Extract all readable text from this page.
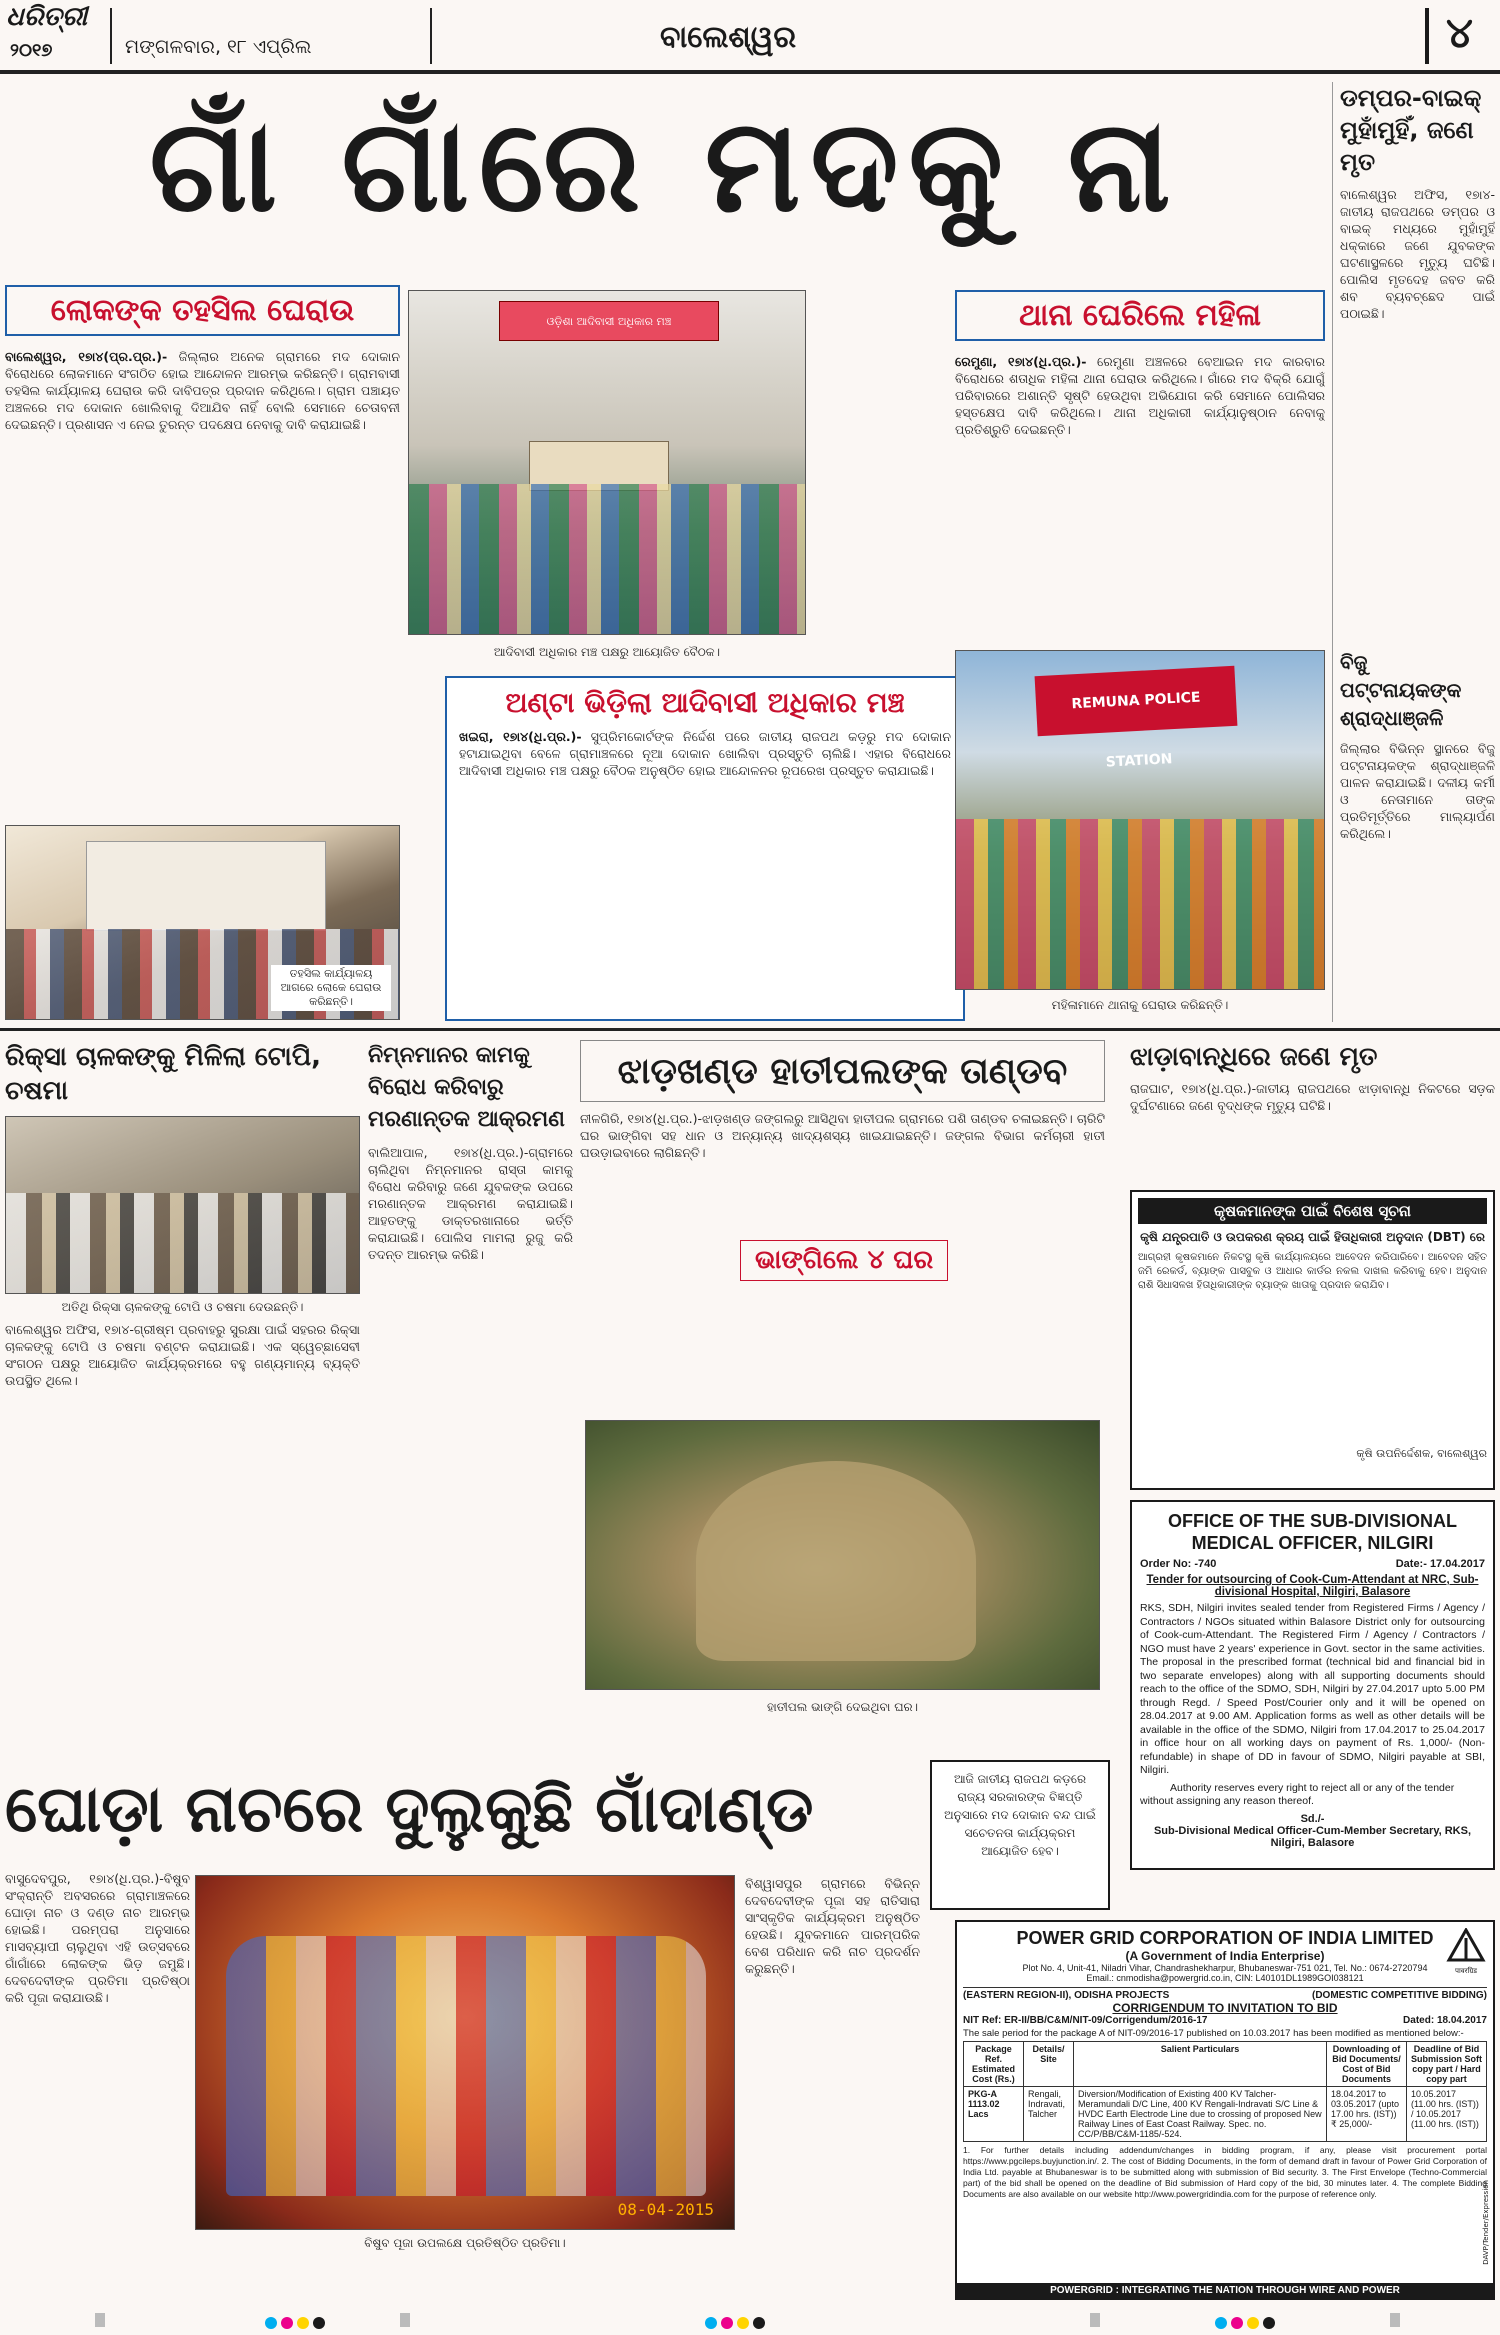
ଧରିତ୍ରୀ
୨୦୧୭	ମଙ୍ଗଳବାର, ୧୮ ଏପ୍ରିଲ	ବାଲେଶ୍ୱର	୪
ଗାଁ ଗାଁରେ ମଦକୁ ନା	ଡମ୍ପର-ବାଇକ୍ ମୁହାଁମୁହିଁ, ଜଣେ ମୃତ
ବାଲେଶ୍ୱର ଅଫିସ, ୧୭ା୪-ଜାତୀୟ ରାଜପଥରେ ଡମ୍ପର ଓ ବାଇକ୍ ମଧ୍ୟରେ ମୁହାଁମୁହିଁ ଧକ୍କାରେ ଜଣେ ଯୁବକଙ୍କ ଘଟଣାସ୍ଥଳରେ ମୃତ୍ୟୁ ଘଟିଛି। ପୋଲିସ ମୃତଦେହ ଜବତ କରି ଶବ ବ୍ୟବଚ୍ଛେଦ ପାଇଁ ପଠାଇଛି।
ବିଜୁ ପଟ୍ଟନାୟକଙ୍କ ଶ୍ରାଦ୍ଧାଞ୍ଜଳି
ଜିଲ୍ଲାର ବିଭିନ୍ନ ସ୍ଥାନରେ ବିଜୁ ପଟ୍ଟନାୟକଙ୍କ ଶ୍ରାଦ୍ଧାଞ୍ଜଳି ପାଳନ କରାଯାଇଛି। ଦଳୀୟ କର୍ମୀ ଓ ନେତାମାନେ ତାଙ୍କ ପ୍ରତିମୂର୍ତ୍ତିରେ ମାଲ୍ୟାର୍ପଣ କରିଥିଲେ।
ଲୋକଙ୍କ ତହସିଲ ଘେରାଉ
ବାଲେଶ୍ୱର, ୧୭ା୪(ପ୍ର.ପ୍ର.)- ଜିଲ୍ଲାର ଅନେକ ଗ୍ରାମରେ ମଦ ଦୋକାନ ବିରୋଧରେ ଲୋକମାନେ ସଂଗଠିତ ହୋଇ ଆନ୍ଦୋଳନ ଆରମ୍ଭ କରିଛନ୍ତି। ଗ୍ରାମବାସୀ ତହସିଲ କାର୍ଯ୍ୟାଳୟ ଘେରାଉ କରି ଦାବିପତ୍ର ପ୍ରଦାନ କରିଥିଲେ। ଗ୍ରାମ ପଞ୍ଚାୟତ ଅଞ୍ଚଳରେ ମଦ ଦୋକାନ ଖୋଲିବାକୁ ଦିଆଯିବ ନାହିଁ ବୋଲି ସେମାନେ ଚେତାବନୀ ଦେଇଛନ୍ତି। ପ୍ରଶାସନ ଏ ନେଇ ତୁରନ୍ତ ପଦକ୍ଷେପ ନେବାକୁ ଦାବି କରାଯାଇଛି।
ତହସିଲ କାର୍ଯ୍ୟାଳୟ ଆଗରେ ଲୋକେ ଘେରାଉ କରିଛନ୍ତି।
ଓଡ଼ିଶା ଆଦିବାସୀ ଅଧିକାର ମଞ୍ଚ
ଆଦିବାସୀ ଅଧିକାର ମଞ୍ଚ ପକ୍ଷରୁ ଆୟୋଜିତ ବୈଠକ।
ଅଣ୍ଟା ଭିଡ଼ିଲା ଆଦିବାସୀ ଅଧିକାର ମଞ୍ଚ
ଖଇରା, ୧୭ା୪(ଧି.ପ୍ର.)- ସୁପ୍ରିମକୋର୍ଟଙ୍କ ନିର୍ଦ୍ଦେଶ ପରେ ଜାତୀୟ ରାଜପଥ କଡ଼ରୁ ମଦ ଦୋକାନ ହଟାଯାଇଥିବା ବେଳେ ଗ୍ରାମାଞ୍ଚଳରେ ନୂଆ ଦୋକାନ ଖୋଲିବା ପ୍ରସ୍ତୁତି ଚାଲିଛି। ଏହାର ବିରୋଧରେ ଆଦିବାସୀ ଅଧିକାର ମଞ୍ଚ ପକ୍ଷରୁ ବୈଠକ ଅନୁଷ୍ଠିତ ହୋଇ ଆନ୍ଦୋଳନର ରୂପରେଖ ପ୍ରସ୍ତୁତ କରାଯାଇଛି।
ଥାନା ଘେରିଲେ ମହିଳା
ରେମୁଣା, ୧୭ା୪(ଧି.ପ୍ର.)- ରେମୁଣା ଅଞ୍ଚଳରେ ବେଆଇନ ମଦ କାରବାର ବିରୋଧରେ ଶତାଧିକ ମହିଳା ଥାନା ଘେରାଉ କରିଥିଲେ। ଗାଁରେ ମଦ ବିକ୍ରି ଯୋଗୁଁ ପରିବାରରେ ଅଶାନ୍ତି ସୃଷ୍ଟି ହେଉଥିବା ଅଭିଯୋଗ କରି ସେମାନେ ପୋଲିସର ହସ୍ତକ୍ଷେପ ଦାବି କରିଥିଲେ। ଥାନା ଅଧିକାରୀ କାର୍ଯ୍ୟାନୁଷ୍ଠାନ ନେବାକୁ ପ୍ରତିଶ୍ରୁତି ଦେଇଛନ୍ତି।
REMUNA POLICE STATION
ମହିଳାମାନେ ଥାନାକୁ ଘେରାଉ କରିଛନ୍ତି।
ରିକ୍ସା ଚାଳକଙ୍କୁ ମିଳିଲା ଟୋପି, ଚଷମା
ଅତିଥି ରିକ୍ସା ଚାଳକଙ୍କୁ ଟୋପି ଓ ଚଷମା ଦେଉଛନ୍ତି।
ବାଲେଶ୍ୱର ଅଫିସ, ୧୭ା୪-ଗ୍ରୀଷ୍ମ ପ୍ରବାହରୁ ସୁରକ୍ଷା ପାଇଁ ସହରର ରିକ୍ସା ଚାଳକଙ୍କୁ ଟୋପି ଓ ଚଷମା ବଣ୍ଟନ କରାଯାଇଛି। ଏକ ସ୍ୱେଚ୍ଛାସେବୀ ସଂଗଠନ ପକ୍ଷରୁ ଆୟୋଜିତ କାର୍ଯ୍ୟକ୍ରମରେ ବହୁ ଗଣ୍ୟମାନ୍ୟ ବ୍ୟକ୍ତି ଉପସ୍ଥିତ ଥିଲେ।
ନିମ୍ନମାନର କାମକୁ ବିରୋଧ କରିବାରୁ ମରଣାନ୍ତକ ଆକ୍ରମଣ
ବାଲିଆପାଳ, ୧୭ା୪(ଧି.ପ୍ର.)-ଗ୍ରାମରେ ଚାଲିଥିବା ନିମ୍ନମାନର ରାସ୍ତା କାମକୁ ବିରୋଧ କରିବାରୁ ଜଣେ ଯୁବକଙ୍କ ଉପରେ ମରଣାନ୍ତକ ଆକ୍ରମଣ କରାଯାଇଛି। ଆହତଙ୍କୁ ଡାକ୍ତରଖାନାରେ ଭର୍ତ୍ତି କରାଯାଇଛି। ପୋଲିସ ମାମଲା ରୁଜୁ କରି ତଦନ୍ତ ଆରମ୍ଭ କରିଛି।
ଝାଡ଼ଖଣ୍ଡ ହାତୀପଲଙ୍କ ତାଣ୍ଡବ
ନୀଳଗିରି, ୧୭ା୪(ଧି.ପ୍ର.)-ଝାଡ଼ଖଣ୍ଡ ଜଙ୍ଗଲରୁ ଆସିଥିବା ହାତୀପଲ ଗ୍ରାମରେ ପଶି ତାଣ୍ଡବ ଚଳାଇଛନ୍ତି। ଚାରିଟି ଘର ଭାଙ୍ଗିବା ସହ ଧାନ ଓ ଅନ୍ୟାନ୍ୟ ଖାଦ୍ୟଶସ୍ୟ ଖାଇଯାଇଛନ୍ତି। ଜଙ୍ଗଲ ବିଭାଗ କର୍ମଚାରୀ ହାତୀ ଘଉଡ଼ାଇବାରେ ଲାଗିଛନ୍ତି।
ଭାଙ୍ଗିଲେ ୪ ଘର
ହାତୀପଲ ଭାଙ୍ଗି ଦେଇଥିବା ଘର।
ଝାଡ଼ାବାନ୍ଧିରେ ଜଣେ ମୃତ
ରାଜଘାଟ, ୧୭ା୪(ଧି.ପ୍ର.)-ଜାତୀୟ ରାଜପଥରେ ଝାଡ଼ାବାନ୍ଧି ନିକଟରେ ସଡ଼କ ଦୁର୍ଘଟଣାରେ ଜଣେ ବୃଦ୍ଧଙ୍କ ମୃତ୍ୟୁ ଘଟିଛି।
କୃଷକମାନଙ୍କ ପାଇଁ ବିଶେଷ ସୂଚନା
କୃଷି ଯନ୍ତ୍ରପାତି ଓ ଉପକରଣ କ୍ରୟ ପାଇଁ ହିତାଧିକାରୀ ଅନୁଦାନ (DBT) ରେ
ଆଗ୍ରହୀ କୃଷକମାନେ ନିକଟସ୍ଥ କୃଷି କାର୍ଯ୍ୟାଳୟରେ ଆବେଦନ କରିପାରିବେ। ଆବେଦନ ସହିତ ଜମି ରେକର୍ଡ, ବ୍ୟାଙ୍କ ପାସବୁକ ଓ ଆଧାର କାର୍ଡର ନକଲ ଦାଖଲ କରିବାକୁ ହେବ। ଅନୁଦାନ ରାଶି ସିଧାସଳଖ ହିତାଧିକାରୀଙ୍କ ବ୍ୟାଙ୍କ ଖାତାକୁ ପ୍ରଦାନ କରାଯିବ।
କୃଷି ଉପନିର୍ଦ୍ଦେଶକ, ବାଲେଶ୍ୱର
OFFICE OF THE SUB-DIVISIONAL MEDICAL OFFICER, NILGIRI
Order No: -740	Date:- 17.04.2017
Tender for outsourcing of Cook-Cum-Attendant at NRC, Sub-divisional Hospital, Nilgiri, Balasore
RKS, SDH, Nilgiri invites sealed tender from Registered Firms / Agency / Contractors / NGOs situated within Balasore District only for outsourcing of Cook-cum-Attendant. The Registered Firm / Agency / Contractors / NGO must have 2 years' experience in Govt. sector in the same activities. The proposal in the prescribed format (technical bid and financial bid in two separate envelopes) along with all supporting documents should reach to the office of the SDMO, SDH, Nilgiri by 27.04.2017 upto 5.00 PM through Regd. / Speed Post/Courier only and it will be opened on 28.04.2017 at 9.00 AM. Application forms as well as other details will be available in the office of the SDMO, Nilgiri from 17.04.2017 to 25.04.2017 in office hour on all working days on payment of Rs. 1,000/- (Non-refundable) in shape of DD in favour of SDMO, Nilgiri payable at SBI, Nilgiri.
Authority reserves every right to reject all or any of the tender without assigning any reason thereof.
Sd./-
Sub-Divisional Medical Officer-Cum-Member Secretary, RKS, Nilgiri, Balasore
ଘୋଡ଼ା ନାଚରେ ଦୁଲୁକୁଛି ଗାଁଦାଣ୍ଡ
ବାସୁଦେବପୁର, ୧୭ା୪(ଧି.ପ୍ର.)-ବିଷୁବ ସଂକ୍ରାନ୍ତି ଅବସରରେ ଗ୍ରାମାଞ୍ଚଳରେ ଘୋଡ଼ା ନାଚ ଓ ଦଣ୍ଡ ନାଚ ଆରମ୍ଭ ହୋଇଛି। ପରମ୍ପରା ଅନୁସାରେ ମାସବ୍ୟାପୀ ଚାଲୁଥିବା ଏହି ଉତ୍ସବରେ ଗାଁଗାଁରେ ଲୋକଙ୍କ ଭିଡ଼ ଜମୁଛି। ଦେବଦେବୀଙ୍କ ପ୍ରତିମା ପ୍ରତିଷ୍ଠା କରି ପୂଜା କରାଯାଉଛି।
08-04-2015
ବିଷୁବ ପୂଜା ଉପଲକ୍ଷେ ପ୍ରତିଷ୍ଠିତ ପ୍ରତିମା।
ବିଶ୍ୱାସପୁର ଗ୍ରାମରେ ବିଭିନ୍ନ ଦେବଦେବୀଙ୍କ ପୂଜା ସହ ରାତିସାରା ସାଂସ୍କୃତିକ କାର୍ଯ୍ୟକ୍ରମ ଅନୁଷ୍ଠିତ ହେଉଛି। ଯୁବକମାନେ ପାରମ୍ପରିକ ବେଶ ପରିଧାନ କରି ନାଚ ପ୍ରଦର୍ଶନ କରୁଛନ୍ତି।
ଆଜି ଜାତୀୟ ରାଜପଥ କଡ଼ରେ ରାଜ୍ୟ ସରକାରଙ୍କ ବିଜ୍ଞପ୍ତି ଅନୁସାରେ ମଦ ଦୋକାନ ବନ୍ଦ ପାଇଁ ସଚେତନତା କାର୍ଯ୍ୟକ୍ରମ ଆୟୋଜିତ ହେବ।
POWER GRID CORPORATION OF INDIA LIMITED
(A Government of India Enterprise)
Plot No. 4, Unit-41, Niladri Vihar, Chandrashekharpur, Bhubaneswar-751 021, Tel. No.: 0674-2720794
Email.: cnmodisha@powergrid.co.in, CIN: L40101DL1989GOI038121
पावरग्रिड
(EASTERN REGION-II), ODISHA PROJECTS	(DOMESTIC COMPETITIVE BIDDING)
CORRIGENDUM TO INVITATION TO BID
NIT Ref: ER-II/BB/C&M/NIT-09/Corrigendum/2016-17	Dated: 18.04.2017
The sale period for the package A of NIT-09/2016-17 published on 10.03.2017 has been modified as mentioned below:-
Package Ref. Estimated Cost (Rs.)	Details/ Site	Salient Particulars	Downloading of Bid Documents/ Cost of Bid Documents	Deadline of Bid Submission Soft copy part / Hard copy part
PKG-A 1113.02 Lacs	Rengali, Indravati, Talcher	Diversion/Modification of Existing 400 KV Talcher-Meramundali D/C Line, 400 KV Rengali-Indravati S/C Line & HVDC Earth Electrode Line due to crossing of proposed New Railway Lines of East Coast Railway. Spec. no. CC/P/BB/C&M-1185/-524.	18.04.2017 to 03.05.2017 (upto 17.00 hrs. (IST)) ₹ 25,000/-	10.05.2017 (11.00 hrs. (IST)) / 10.05.2017 (11.00 hrs. (IST))
1. For further details including addendum/changes in bidding program, if any, please visit procurement portal https://www.pgcileps.buyjunction.in/. 2. The cost of Bidding Documents, in the form of demand draft in favour of Power Grid Corporation of India Ltd. payable at Bhubaneswar is to be submitted along with submission of Bid security. 3. The First Envelope (Techno-Commercial part) of the bid shall be opened on the deadline of Bid submission of Hard copy of the bid, 30 minutes later. 4. The complete Bidding Documents are also available on our website http://www.powergridindia.com for the purpose of reference only.
POWERGRID : INTEGRATING THE NATION THROUGH WIRE AND POWER
DAVP/Tender/Expression
